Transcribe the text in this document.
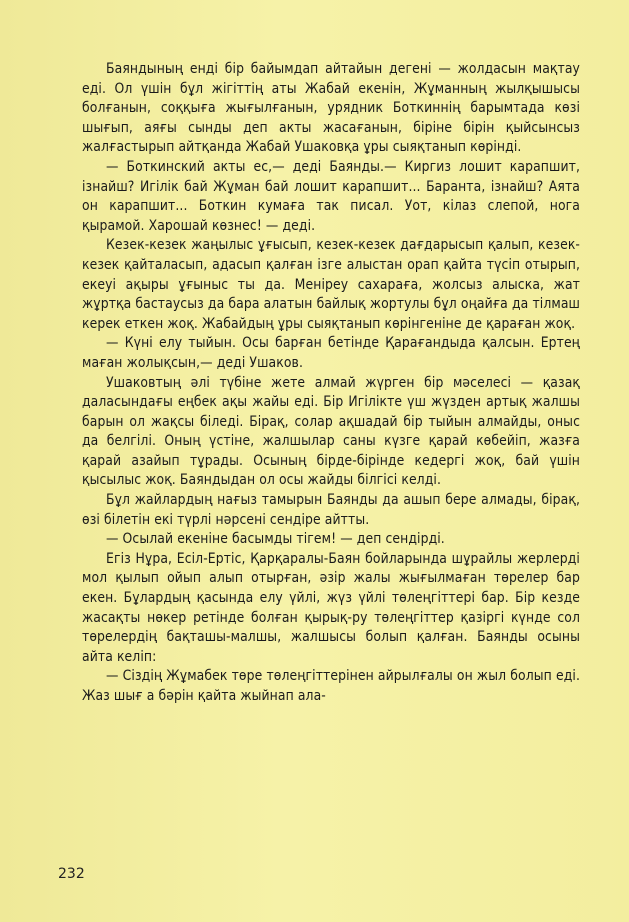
Баяндының енді бір байымдап айтайын дегені — жолдасын мақтау еді. Ол үшін бұл жігіттің аты Жабай екенін, Жұманның жылқышысы болғанын, соққыға жығылғанын, урядник Боткиннің барымтада көзі шығып, аяғы сынды деп акты жасағанын, біріне бірін қыйсынсыз жалғастырып айтқанда Жабай Ушаковқа ұры сыяқтанып көрінді.

— Боткинский акты ес,— деді Баянды.— Киргиз лошит карапшит, ізнайш? Игілік бай Жұман бай лошит карапшит... Баранта, ізнайш? Аята он карапшит... Боткин кумаға так писал. Уот, кілаз слепой, нога қырамой. Харошай көзнес! — деді.

Кезек-кезек жаңылыс ұғысып, кезек-кезек дағдарысып қалып, кезек-кезек қайталасып, адасып қалған ізге алыстан орап қайта түсіп отырып, екеуі ақыры ұғыныс ты да. Меніреу сахараға, жолсыз алыска, жат жұртқа бастаусыз да бара алатын байлық жортулы бұл оңайға да тілмаш керек еткен жоқ. Жабайдың ұры сыяқтанып көрінгеніне де қараған жоқ.

— Күні елу тыйын. Осы барған бетінде Қарағандыда қалсын. Ертең маған жолықсын,— деді Ушаков.

Ушаковтың әлі түбіне жете алмай жүрген бір мәселесі — қазақ даласындағы еңбек ақы жайы еді. Бір Игілікте үш жүзден артық жалшы барын ол жақсы біледі. Бірақ, солар ақшадай бір тыйын алмайды, оныс да белгілі. Оның үстіне, жалшылар саны күзге қарай көбейіп, жазға қарай азайып тұрады. Осының бірде-бірінде кедергі жоқ, бай үшін қысылыс жоқ. Баяндыдан ол осы жайды білгісі келді.

Бұл жайлардың нағыз тамырын Баянды да ашып бере алмады, бірақ, өзі білетін екі түрлі нәрсені сендіре айтты.

— Осылай екеніне басымды тігем! — деп сендірді.

Егіз Нұра, Есіл-Ертіс, Қарқаралы-Баян бойларында шұрайлы жерлерді мол қылып ойып алып отырған, әзір жалы жығылмаған төрелер бар екен. Бұлардың қасында елу үйлі, жүз үйлі төлеңгіттері бар. Бір кезде жасақты нөкер ретінде болған қырық-ру төлеңгіттер қазіргі күнде сол төрелердің бақташы-малшы, жалшысы болып қалған. Баянды осыны айта келіп:

— Сіздің Жұмабек төре төлеңгіттерінен айрылғалы он жыл болып еді. Жаз шығ а бәрін қайта жыйнап ала-

232
